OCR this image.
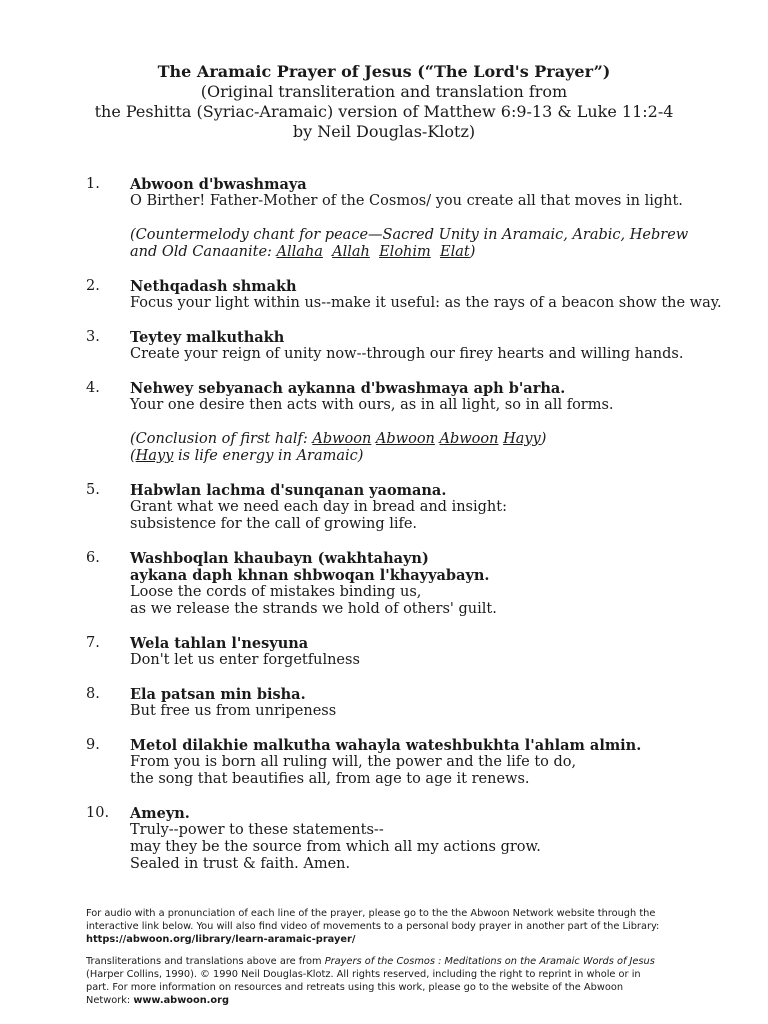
The Aramaic Prayer of Jesus (“The Lord's Prayer”)
(Original transliteration and translation from
the Peshitta (Syriac-Aramaic) version of Matthew 6:9-13 & Luke 11:2-4
by Neil Douglas-Klotz)
1.	Abwoon d'bwashmaya
O Birther! Father-Mother of the Cosmos/ you create all that moves in light.
(Countermelody chant for peace—Sacred Unity in Aramaic, Arabic, Hebrew
and Old Canaanite: Allaha Allah Elohim Elat)
2.	Nethqadash shmakh
Focus your light within us--make it useful: as the rays of a beacon show the way.
3.	Teytey malkuthakh
Create your reign of unity now--through our firey hearts and willing hands.
4.	Nehwey sebyanach aykanna d'bwashmaya aph b'arha.
Your one desire then acts with ours, as in all light, so in all forms.
(Conclusion of first half: Abwoon Abwoon Abwoon Hayy)
(Hayy is life energy in Aramaic)
5.	Habwlan lachma d'sunqanan yaomana.
Grant what we need each day in bread and insight:
subsistence for the call of growing life.
6.	Washboqlan khaubayn (wakhtahayn)
aykana daph khnan shbwoqan l'khayyabayn.
Loose the cords of mistakes binding us,
as we release the strands we hold of others' guilt.
7.	Wela tahlan l'nesyuna
Don't let us enter forgetfulness
8.	Ela patsan min bisha.
But free us from unripeness
9.	Metol dilakhie malkutha wahayla wateshbukhta l'ahlam almin.
From you is born all ruling will, the power and the life to do,
the song that beautifies all, from age to age it renews.
10.	Ameyn.
Truly--power to these statements--
may they be the source from which all my actions grow.
Sealed in trust & faith. Amen.
For audio with a pronunciation of each line of the prayer, please go to the the Abwoon Network website through the interactive link below. You will also find video of movements to a personal body prayer in another part of the Library: https://abwoon.org/library/learn-aramaic-prayer/
Transliterations and translations above are from Prayers of the Cosmos : Meditations on the Aramaic Words of Jesus (Harper Collins, 1990). © 1990 Neil Douglas-Klotz. All rights reserved, including the right to reprint in whole or in part. For more information on resources and retreats using this work, please go to the website of the Abwoon Network: www.abwoon.org
